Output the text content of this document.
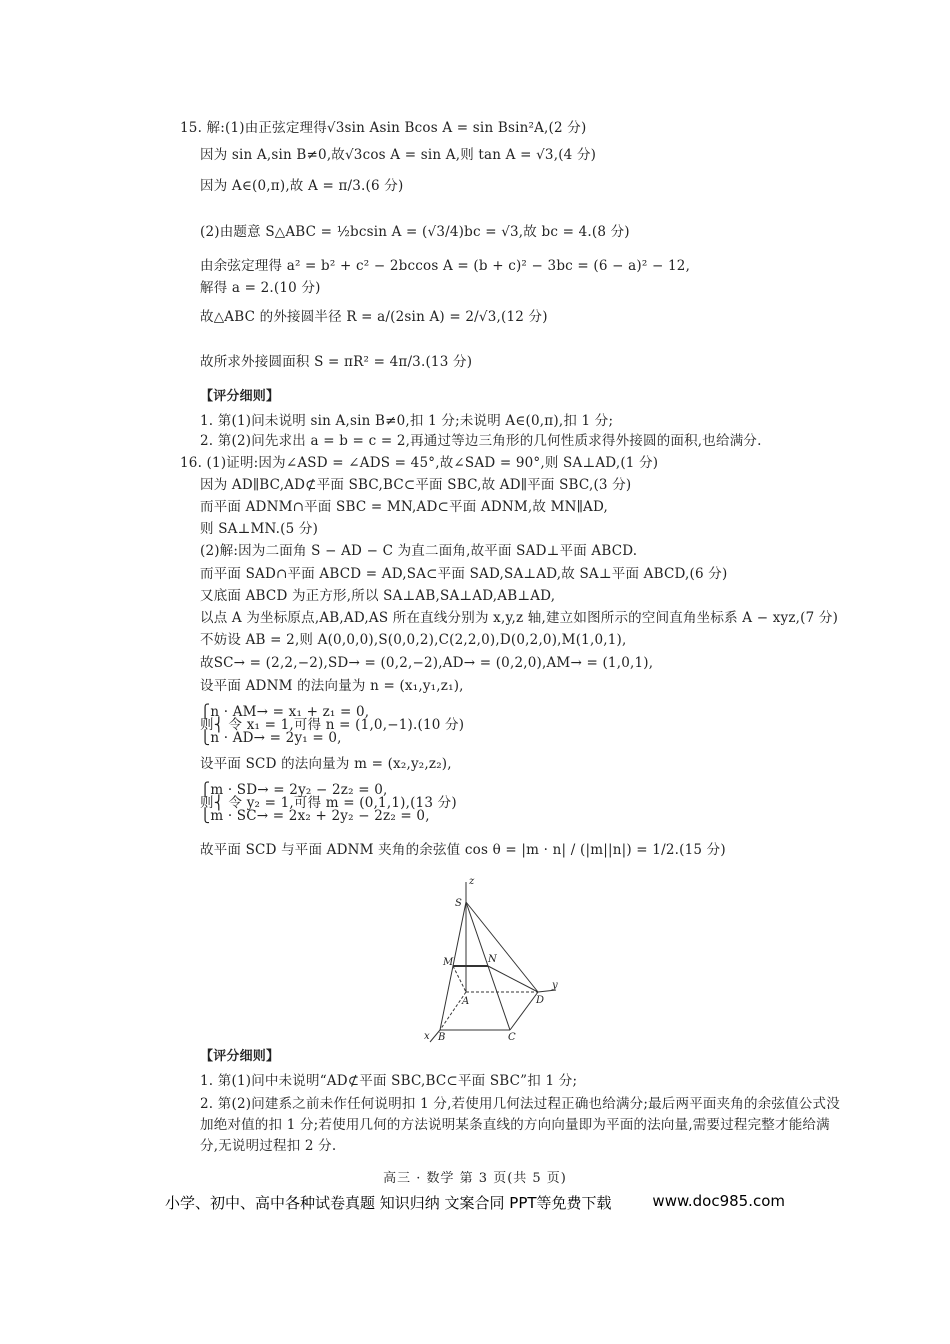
15. 解:(1)由正弦定理得√3sin Asin Bcos A = sin Bsin²A,(2 分)
因为 sin A,sin B≠0,故√3cos A = sin A,则 tan A = √3,(4 分)
因为 A∈(0,π),故 A = π/3.(6 分)
(2)由题意 S△ABC = ½bcsin A = (√3/4)bc = √3,故 bc = 4.(8 分)
由余弦定理得 a² = b² + c² − 2bccos A = (b + c)² − 3bc = (6 − a)² − 12,
解得 a = 2.(10 分)
故△ABC 的外接圆半径 R = a/(2sin A) = 2/√3,(12 分)
故所求外接圆面积 S = πR² = 4π/3.(13 分)
【评分细则】
1. 第(1)问未说明 sin A,sin B≠0,扣 1 分;未说明 A∈(0,π),扣 1 分;
2. 第(2)问先求出 a = b = c = 2,再通过等边三角形的几何性质求得外接圆的面积,也给满分.
16. (1)证明:因为∠ASD = ∠ADS = 45°,故∠SAD = 90°,则 SA⊥AD,(1 分)
因为 AD∥BC,AD⊄平面 SBC,BC⊂平面 SBC,故 AD∥平面 SBC,(3 分)
而平面 ADNM∩平面 SBC = MN,AD⊂平面 ADNM,故 MN∥AD,
则 SA⊥MN.(5 分)
(2)解:因为二面角 S − AD − C 为直二面角,故平面 SAD⊥平面 ABCD.
而平面 SAD∩平面 ABCD = AD,SA⊂平面 SAD,SA⊥AD,故 SA⊥平面 ABCD,(6 分)
又底面 ABCD 为正方形,所以 SA⊥AB,SA⊥AD,AB⊥AD,
以点 A 为坐标原点,AB,AD,AS 所在直线分别为 x,y,z 轴,建立如图所示的空间直角坐标系 A − xyz,(7 分)
不妨设 AB = 2,则 A(0,0,0),S(0,0,2),C(2,2,0),D(0,2,0),M(1,0,1),
故SC→ = (2,2,−2),SD→ = (0,2,−2),AD→ = (0,2,0),AM→ = (1,0,1),
设平面 ADNM 的法向量为 n = (x₁,y₁,z₁),
⎧n · AM→ = x₁ + z₁ = 0,
则⎨ 令 x₁ = 1,可得 n = (1,0,−1).(10 分)
⎩n · AD→ = 2y₁ = 0,
设平面 SCD 的法向量为 m = (x₂,y₂,z₂),
⎧m · SD→ = 2y₂ − 2z₂ = 0,
则⎨ 令 y₂ = 1,可得 m = (0,1,1),(13 分)
⎩m · SC→ = 2x₂ + 2y₂ − 2z₂ = 0,
故平面 SCD 与平面 ADNM 夹角的余弦值 cos θ = |m · n| / (|m||n|) = 1/2.(15 分)
【评分细则】
1. 第(1)问中未说明“AD⊄平面 SBC,BC⊂平面 SBC”扣 1 分;
2. 第(2)问建系之前未作任何说明扣 1 分,若使用几何法过程正确也给满分;最后两平面夹角的余弦值公式没
加绝对值的扣 1 分;若使用几何的方法说明某条直线的方向向量即为平面的法向量,需要过程完整才能给满
分,无说明过程扣 2 分.
z
S
M	N
A	D
y
x B	C
高三 · 数学 第 3 页(共 5 页)
小学、初中、高中各种试卷真题 知识归纳 文案合同 PPT等免费下载	www.doc985.com
